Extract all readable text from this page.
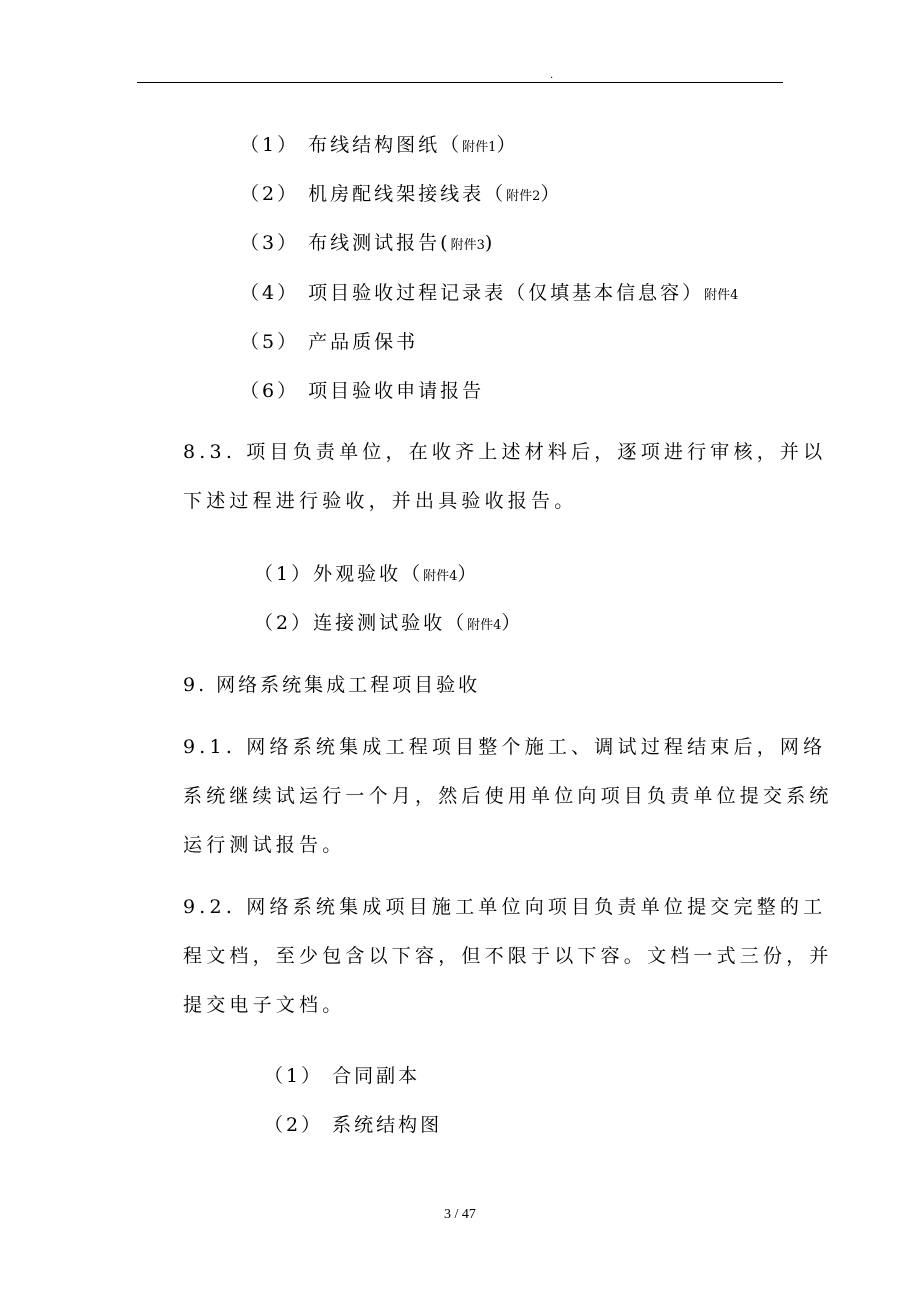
.
（1） 布线结构图纸（附件1）
（2） 机房配线架接线表（附件2）
（3） 布线测试报告(附件3)
（4） 项目验收过程记录表（仅填基本信息容）附件4
（5） 产品质保书
（6） 项目验收申请报告
8.3. 项目负责单位，在收齐上述材料后，逐项进行审核，并以
下述过程进行验收，并出具验收报告。
（1）外观验收（附件4）
（2）连接测试验收（附件4）
9. 网络系统集成工程项目验收
9.1. 网络系统集成工程项目整个施工、调试过程结束后，网络
系统继续试运行一个月，然后使用单位向项目负责单位提交系统
运行测试报告。
9.2. 网络系统集成项目施工单位向项目负责单位提交完整的工
程文档，至少包含以下容，但不限于以下容。文档一式三份，并
提交电子文档。
（1） 合同副本
（2） 系统结构图
3 / 47
